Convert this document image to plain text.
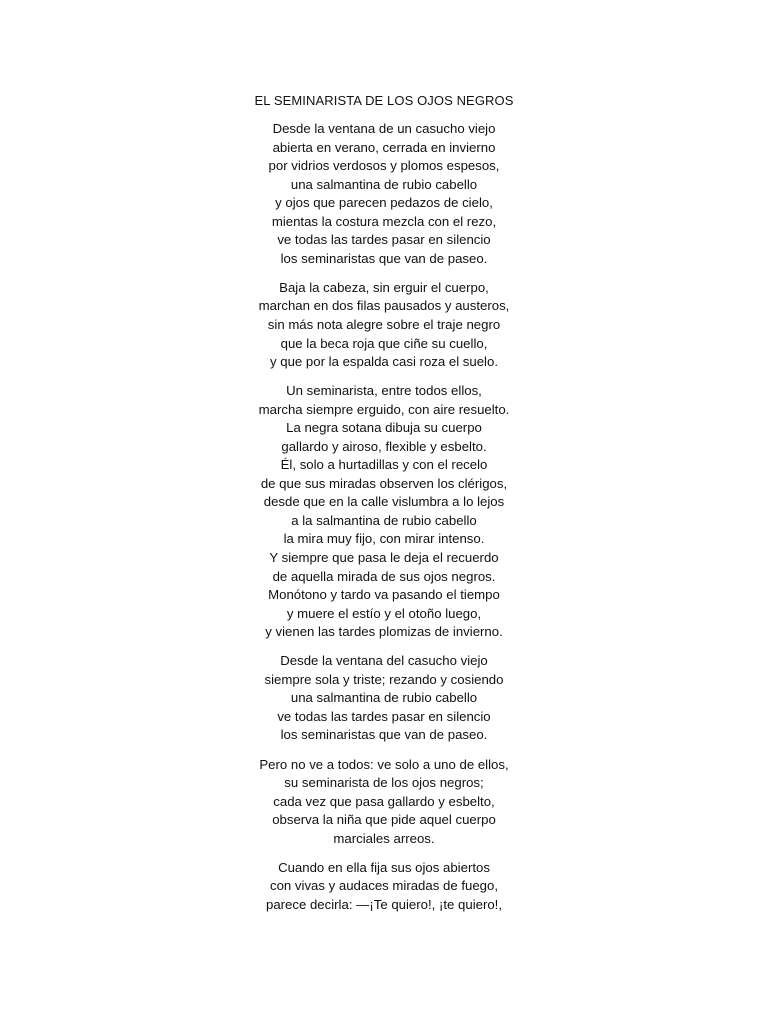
EL SEMINARISTA DE LOS OJOS NEGROS
Desde la ventana de un casucho viejo
abierta en verano, cerrada en invierno
por vidrios verdosos y plomos espesos,
una salmantina de rubio cabello
y ojos que parecen pedazos de cielo,
mientas la costura mezcla con el rezo,
ve todas las tardes pasar en silencio
los seminaristas que van de paseo.
Baja la cabeza, sin erguir el cuerpo,
marchan en dos filas pausados y austeros,
sin más nota alegre sobre el traje negro
que la beca roja que ciñe su cuello,
y que por la espalda casi roza el suelo.
Un seminarista, entre todos ellos,
marcha siempre erguido, con aire resuelto.
La negra sotana dibuja su cuerpo
gallardo y airoso, flexible y esbelto.
Él, solo a hurtadillas y con el recelo
de que sus miradas observen los clérigos,
desde que en la calle vislumbra a lo lejos
a la salmantina de rubio cabello
la mira muy fijo, con mirar intenso.
Y siempre que pasa le deja el recuerdo
de aquella mirada de sus ojos negros.
Monótono y tardo va pasando el tiempo
y muere el estío y el otoño luego,
y vienen las tardes plomizas de invierno.
Desde la ventana del casucho viejo
siempre sola y triste; rezando y cosiendo
una salmantina de rubio cabello
ve todas las tardes pasar en silencio
los seminaristas que van de paseo.
Pero no ve a todos: ve solo a uno de ellos,
su seminarista de los ojos negros;
cada vez que pasa gallardo y esbelto,
observa la niña que pide aquel cuerpo
marciales arreos.
Cuando en ella fija sus ojos abiertos
con vivas y audaces miradas de fuego,
parece decirla: —¡Te quiero!, ¡te quiero!,
